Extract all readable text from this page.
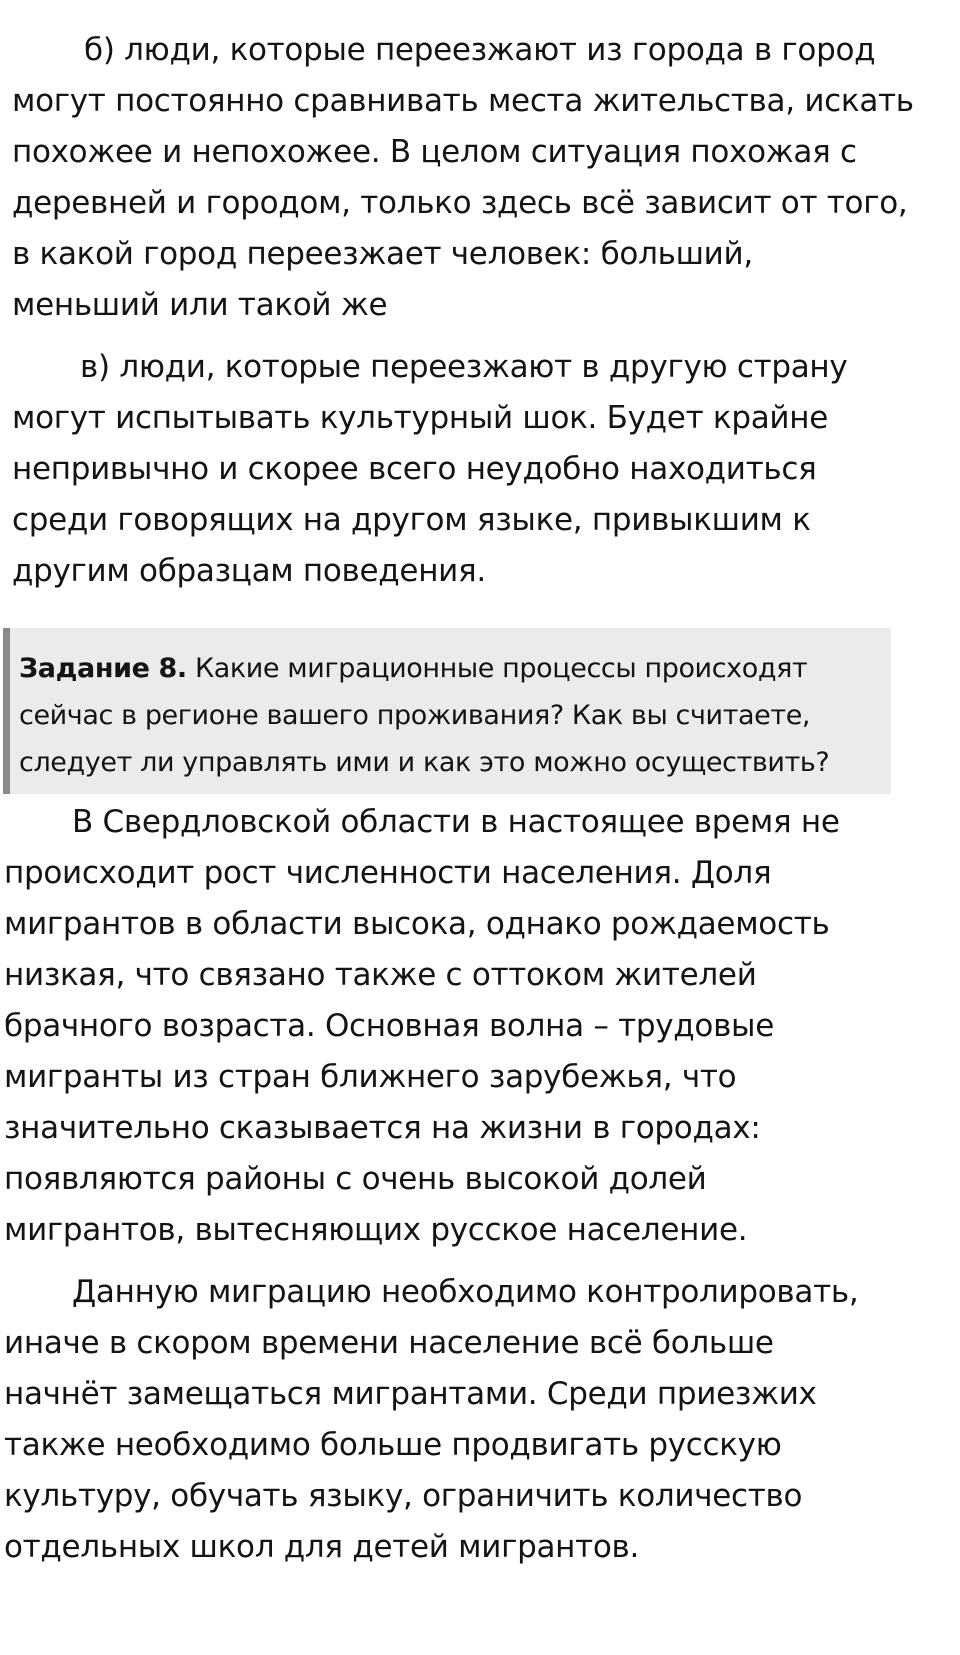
б) люди, которые переезжают из города в город
могут постоянно сравнивать места жительства, искать
похожее и непохожее. В целом ситуация похожая с
деревней и городом, только здесь всё зависит от того,
в какой город переезжает человек: больший,
меньший или такой же

в) люди, которые переезжают в другую страну
могут испытывать культурный шок. Будет крайне
непривычно и скорее всего неудобно находиться
среди говорящих на другом языке, привыкшим к
другим образцам поведения.

Задание 8. Какие миграционные процессы происходят
сейчас в регионе вашего проживания? Как вы считаете,
следует ли управлять ими и как это можно осуществить?

В Свердловской области в настоящее время не
происходит рост численности населения. Доля
мигрантов в области высока, однако рождаемость
низкая, что связано также с оттоком жителей
брачного возраста. Основная волна – трудовые
мигранты из стран ближнего зарубежья, что
значительно сказывается на жизни в городах:
появляются районы с очень высокой долей
мигрантов, вытесняющих русское население.

Данную миграцию необходимо контролировать,
иначе в скором времени население всё больше
начнёт замещаться мигрантами. Среди приезжих
также необходимо больше продвигать русскую
культуру, обучать языку, ограничить количество
отдельных школ для детей мигрантов.
